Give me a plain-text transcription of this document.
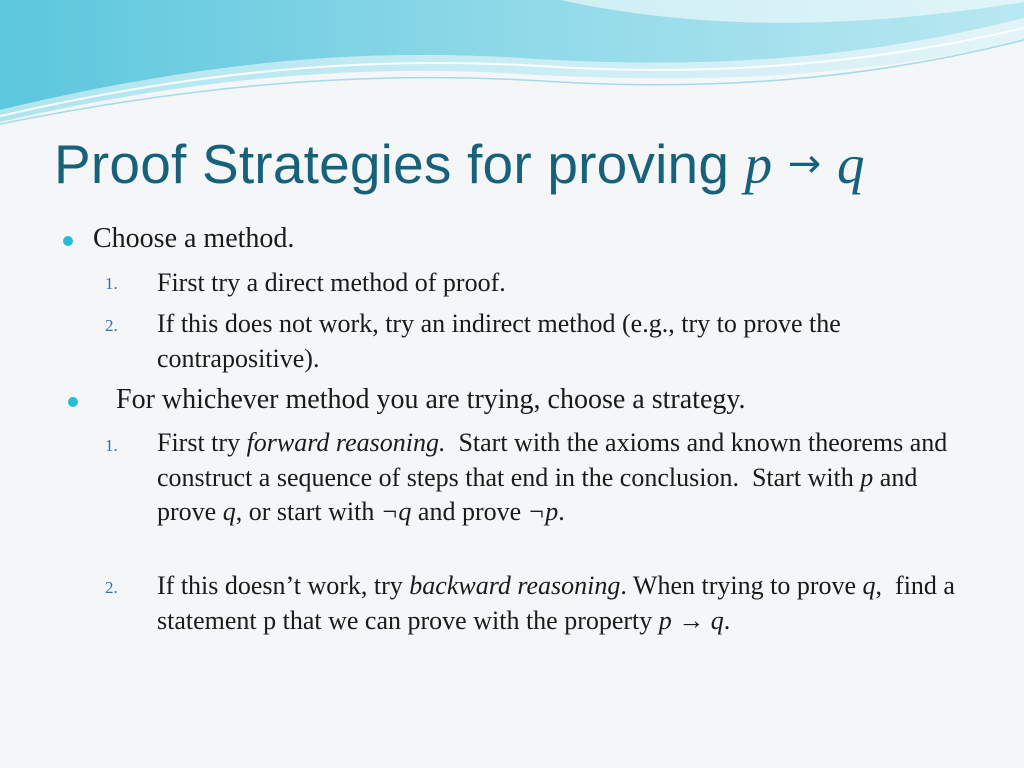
Proof Strategies for proving p → q
Choose a method.
1. First try a direct method of proof.
2. If this does not work, try an indirect method (e.g., try to prove the contrapositive).
For whichever method you are trying, choose a strategy.
1. First try forward reasoning.  Start with the axioms and known theorems and construct a sequence of steps that end in the conclusion.  Start with p and prove q, or start with ¬q and prove ¬p.
2. If this doesn’t work, try backward reasoning. When trying to prove q,  find a statement p that we can prove with the property p → q.
